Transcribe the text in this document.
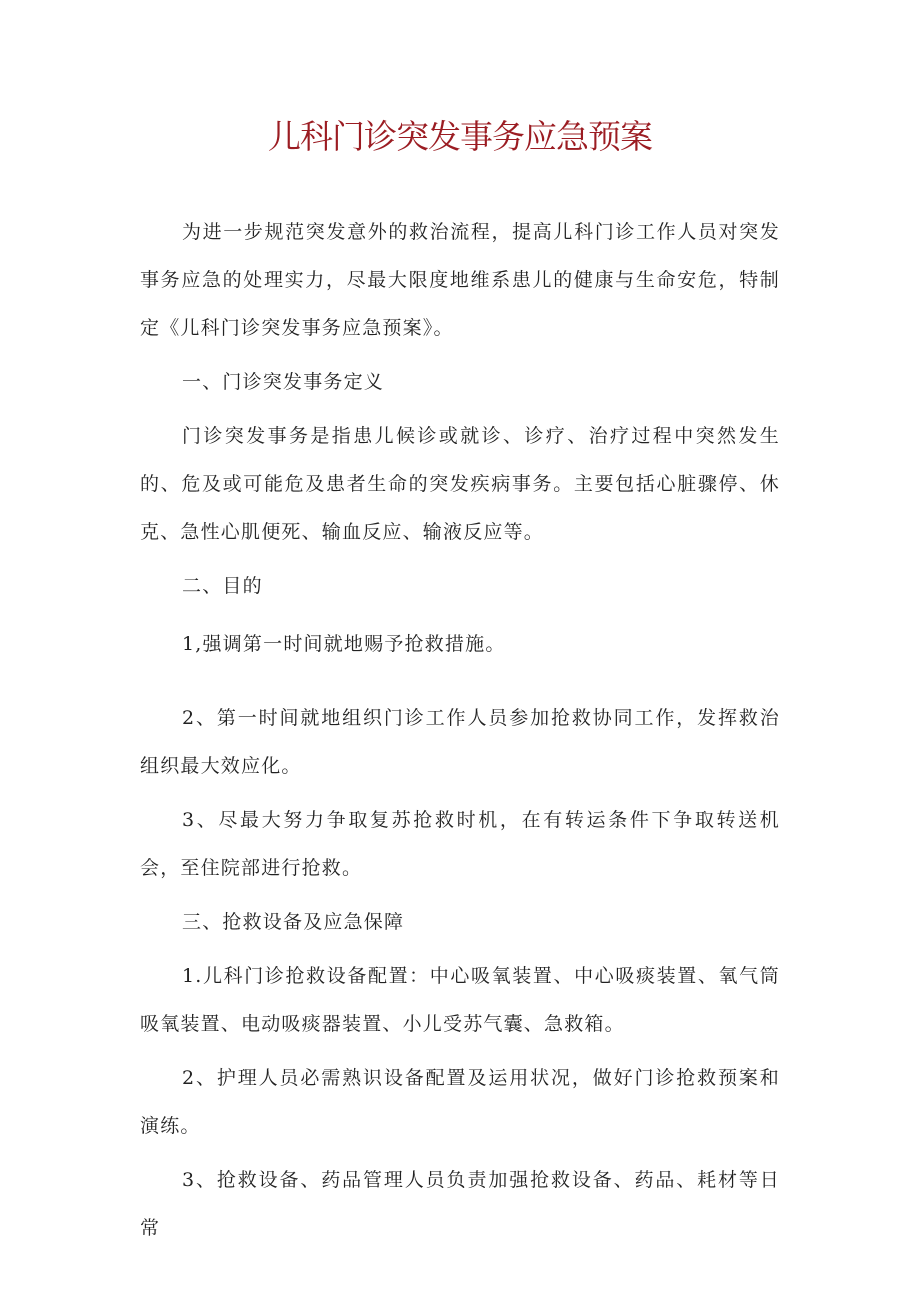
儿科门诊突发事务应急预案

为进一步规范突发意外的救治流程，提高儿科门诊工作人员对突发事务应急的处理实力，尽最大限度地维系患儿的健康与生命安危，特制定《儿科门诊突发事务应急预案》。

一、门诊突发事务定义

门诊突发事务是指患儿候诊或就诊、诊疗、治疗过程中突然发生的、危及或可能危及患者生命的突发疾病事务。主要包括心脏骤停、休克、急性心肌便死、输血反应、输液反应等。

二、目的

1,强调第一时间就地赐予抢救措施。

2、第一时间就地组织门诊工作人员参加抢救协同工作，发挥救治组织最大效应化。

3、尽最大努力争取复苏抢救时机，在有转运条件下争取转送机会，至住院部进行抢救。

三、抢救设备及应急保障

1.儿科门诊抢救设备配置：中心吸氧装置、中心吸痰装置、氧气筒吸氧装置、电动吸痰器装置、小儿受苏气囊、急救箱。

2、护理人员必需熟识设备配置及运用状况，做好门诊抢救预案和演练。

3、抢救设备、药品管理人员负责加强抢救设备、药品、耗材等日常
